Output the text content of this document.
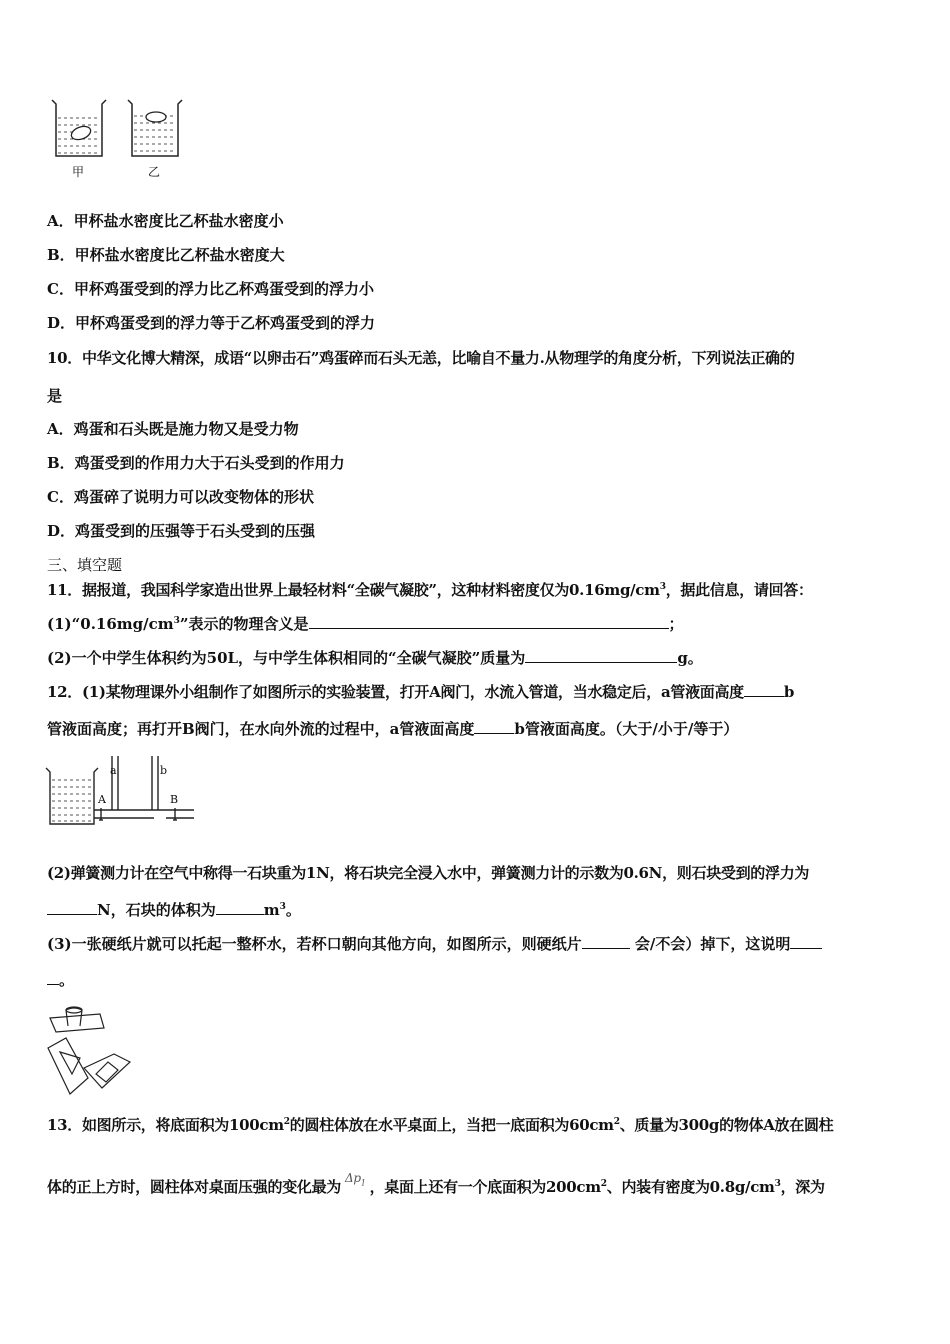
甲	乙
A．甲杯盐水密度比乙杯盐水密度小
B．甲杯盐水密度比乙杯盐水密度大
C．甲杯鸡蛋受到的浮力比乙杯鸡蛋受到的浮力小
D．甲杯鸡蛋受到的浮力等于乙杯鸡蛋受到的浮力
10．中华文化博大精深，成语“以卵击石”鸡蛋碎而石头无恙，比喻自不量力.从物理学的角度分析，下列说法正确的
是
A．鸡蛋和石头既是施力物又是受力物
B．鸡蛋受到的作用力大于石头受到的作用力
C．鸡蛋碎了说明力可以改变物体的形状
D．鸡蛋受到的压强等于石头受到的压强
三、填空题
11．据报道，我国科学家造出世界上最轻材料“全碳气凝胶”，这种材料密度仅为$0.16mg/cm^3$，据此信息，请回答：
$(1)“0.16mg/cm^3$”表示的物理含义是	；
(2)一个中学生体积约为50L，与中学生体积相同的“全碳气凝胶”质量为	g。
12．(1)某物理课外小组制作了如图所示的实验装置，打开A阀门，水流入管道，当水稳定后，a管液面高度	b
管液面高度；再打开B阀门，在水向外流的过程中，a管液面高度	b管液面高度。（大于/小于/等于）
a	b
A	B
(2)弹簧测力计在空气中称得一石块重为1N，将石块完全浸入水中，弹簧测力计的示数为0.6N，则石块受到的浮力为
N，石块的体积为	$m^3$。
(3)一张硬纸片就可以托起一整杯水，若杯口朝向其他方向，如图所示，则硬纸片	会/不会）掉下，这说明
。
13．如图所示，将底面积为$100cm^2$的圆柱体放在水平桌面上，当把一底面积为$60cm^2$、质量为300g的物体A放在圆柱
体的正上方时，圆柱体对桌面压强的变化最为 $\Delta p_1$ ，桌面上还有一个底面积为$200cm^2$、内装有密度为$0.8g/cm^3$，深为
